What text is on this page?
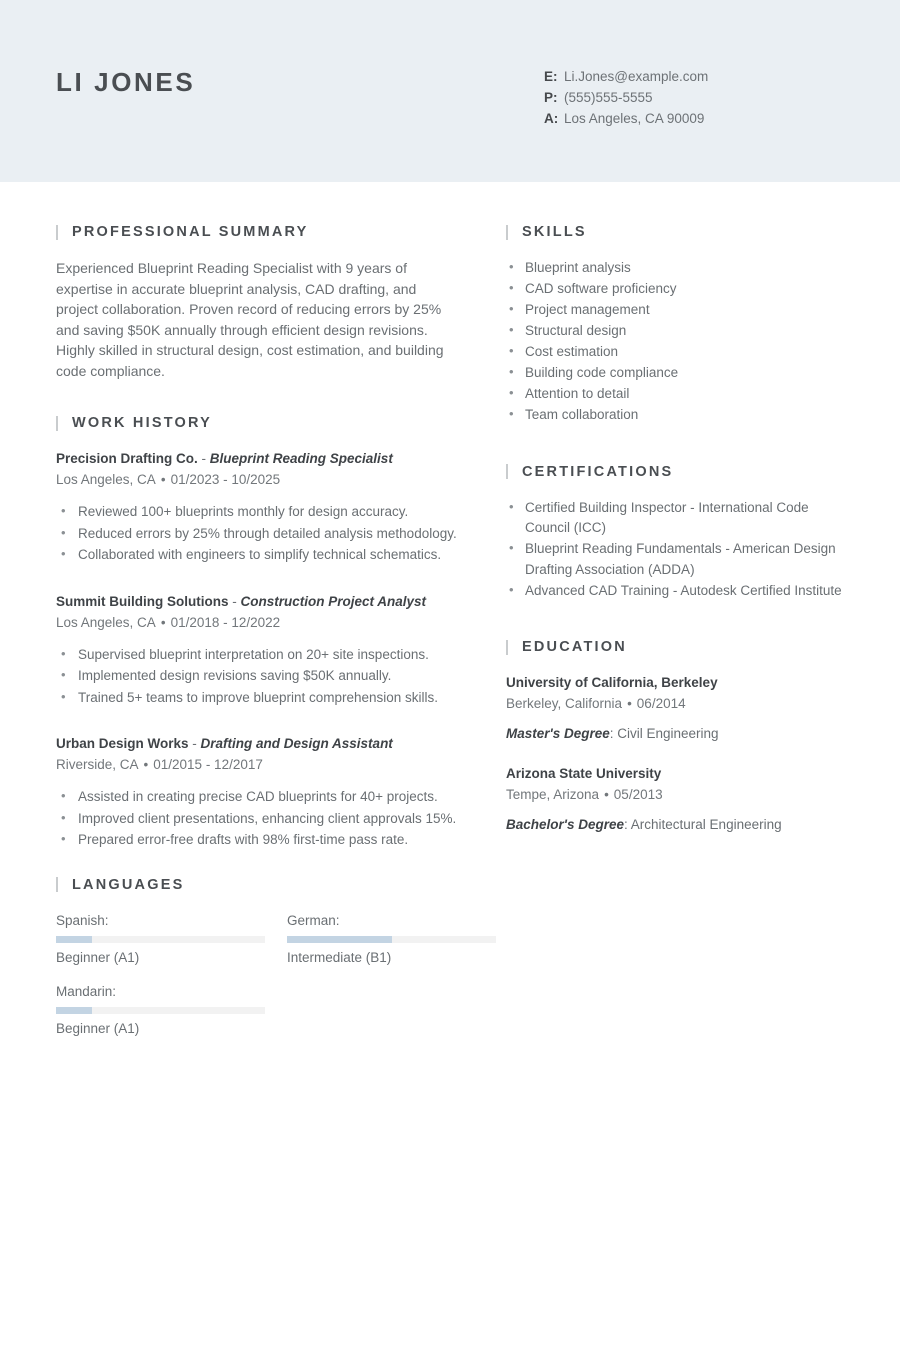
LI JONES	E: Li.Jones@example.com
P: (555)555-5555
A: Los Angeles, CA 90009
PROFESSIONAL SUMMARY

Experienced Blueprint Reading Specialist with 9 years of expertise in accurate blueprint analysis, CAD drafting, and project collaboration. Proven record of reducing errors by 25% and saving $50K annually through efficient design revisions. Highly skilled in structural design, cost estimation, and building code compliance.

WORK HISTORY
Precision Drafting Co. - Blueprint Reading Specialist
Los Angeles, CA • 01/2023 - 10/2025
• Reviewed 100+ blueprints monthly for design accuracy.
• Reduced errors by 25% through detailed analysis methodology.
• Collaborated with engineers to simplify technical schematics.
Summit Building Solutions - Construction Project Analyst
Los Angeles, CA • 01/2018 - 12/2022
• Supervised blueprint interpretation on 20+ site inspections.
• Implemented design revisions saving $50K annually.
• Trained 5+ teams to improve blueprint comprehension skills.
Urban Design Works - Drafting and Design Assistant
Riverside, CA • 01/2015 - 12/2017
• Assisted in creating precise CAD blueprints for 40+ projects.
• Improved client presentations, enhancing client approvals 15%.
• Prepared error-free drafts with 98% first-time pass rate.
LANGUAGES
Spanish:
Beginner (A1)
German:
Intermediate (B1)
Mandarin:
Beginner (A1)
SKILLS
• Blueprint analysis
• CAD software proficiency
• Project management
• Structural design
• Cost estimation
• Building code compliance
• Attention to detail
• Team collaboration
CERTIFICATIONS
• Certified Building Inspector - International Code Council (ICC)
• Blueprint Reading Fundamentals - American Design Drafting Association (ADDA)
• Advanced CAD Training - Autodesk Certified Institute
EDUCATION
University of California, Berkeley
Berkeley, California • 06/2014
Master's Degree: Civil Engineering
Arizona State University
Tempe, Arizona • 05/2013
Bachelor's Degree: Architectural Engineering
